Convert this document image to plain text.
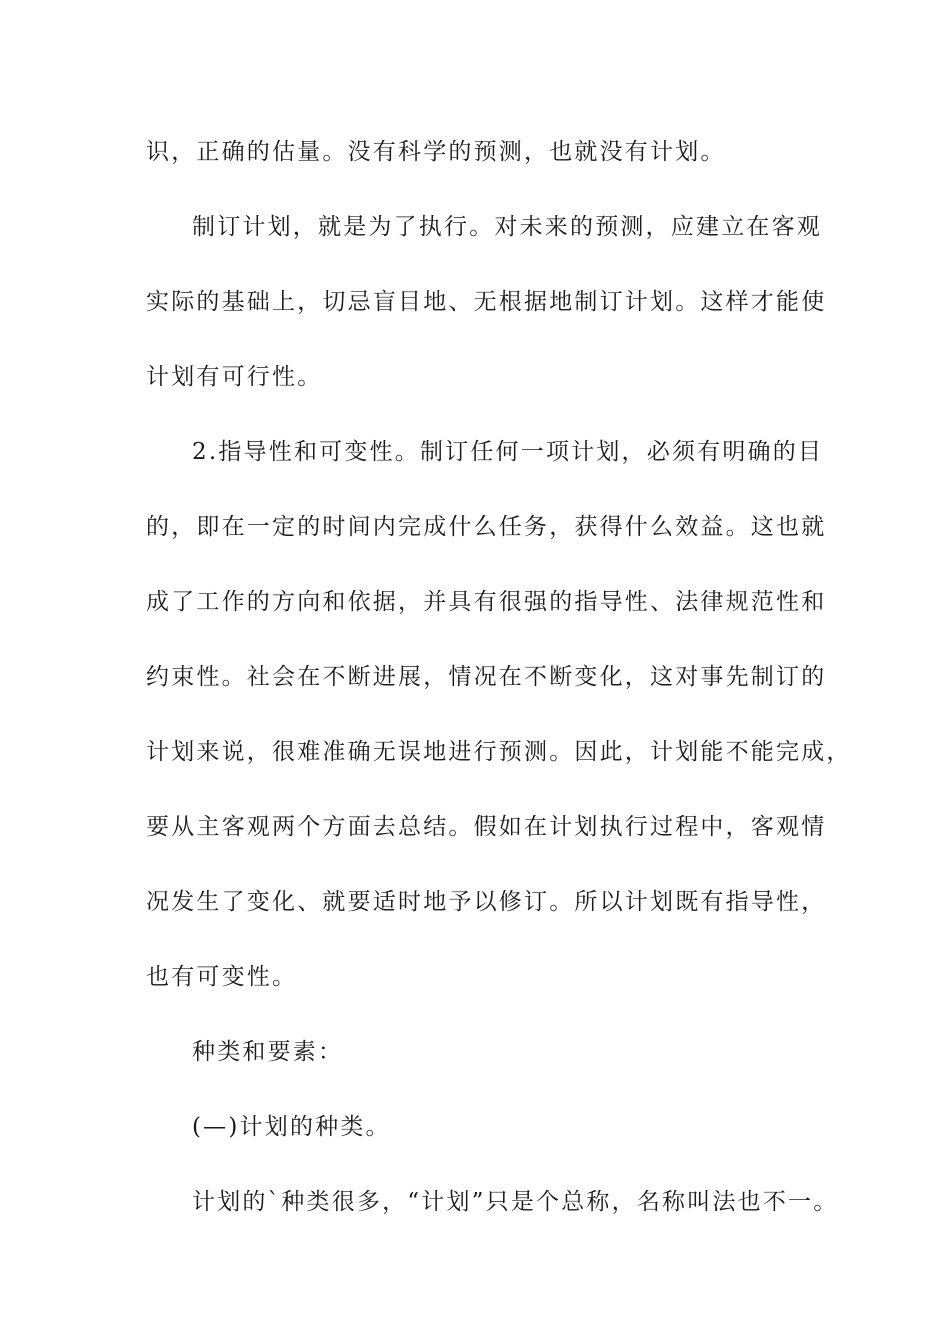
识，正确的估量。没有科学的预测，也就没有计划。
制订计划，就是为了执行。对未来的预测，应建立在客观
实际的基础上，切忌盲目地、无根据地制订计划。这样才能使
计划有可行性。
2.指导性和可变性。制订任何一项计划，必须有明确的目
的，即在一定的时间内完成什么任务，获得什么效益。这也就
成了工作的方向和依据，并具有很强的指导性、法律规范性和
约束性。社会在不断进展，情况在不断变化，这对事先制订的
计划来说，很难准确无误地进行预测。因此，计划能不能完成，
要从主客观两个方面去总结。假如在计划执行过程中，客观情
况发生了变化、就要适时地予以修订。所以计划既有指导性，
也有可变性。
种类和要素：
(—)计划的种类。
计划的`种类很多，“计划”只是个总称，名称叫法也不一。
